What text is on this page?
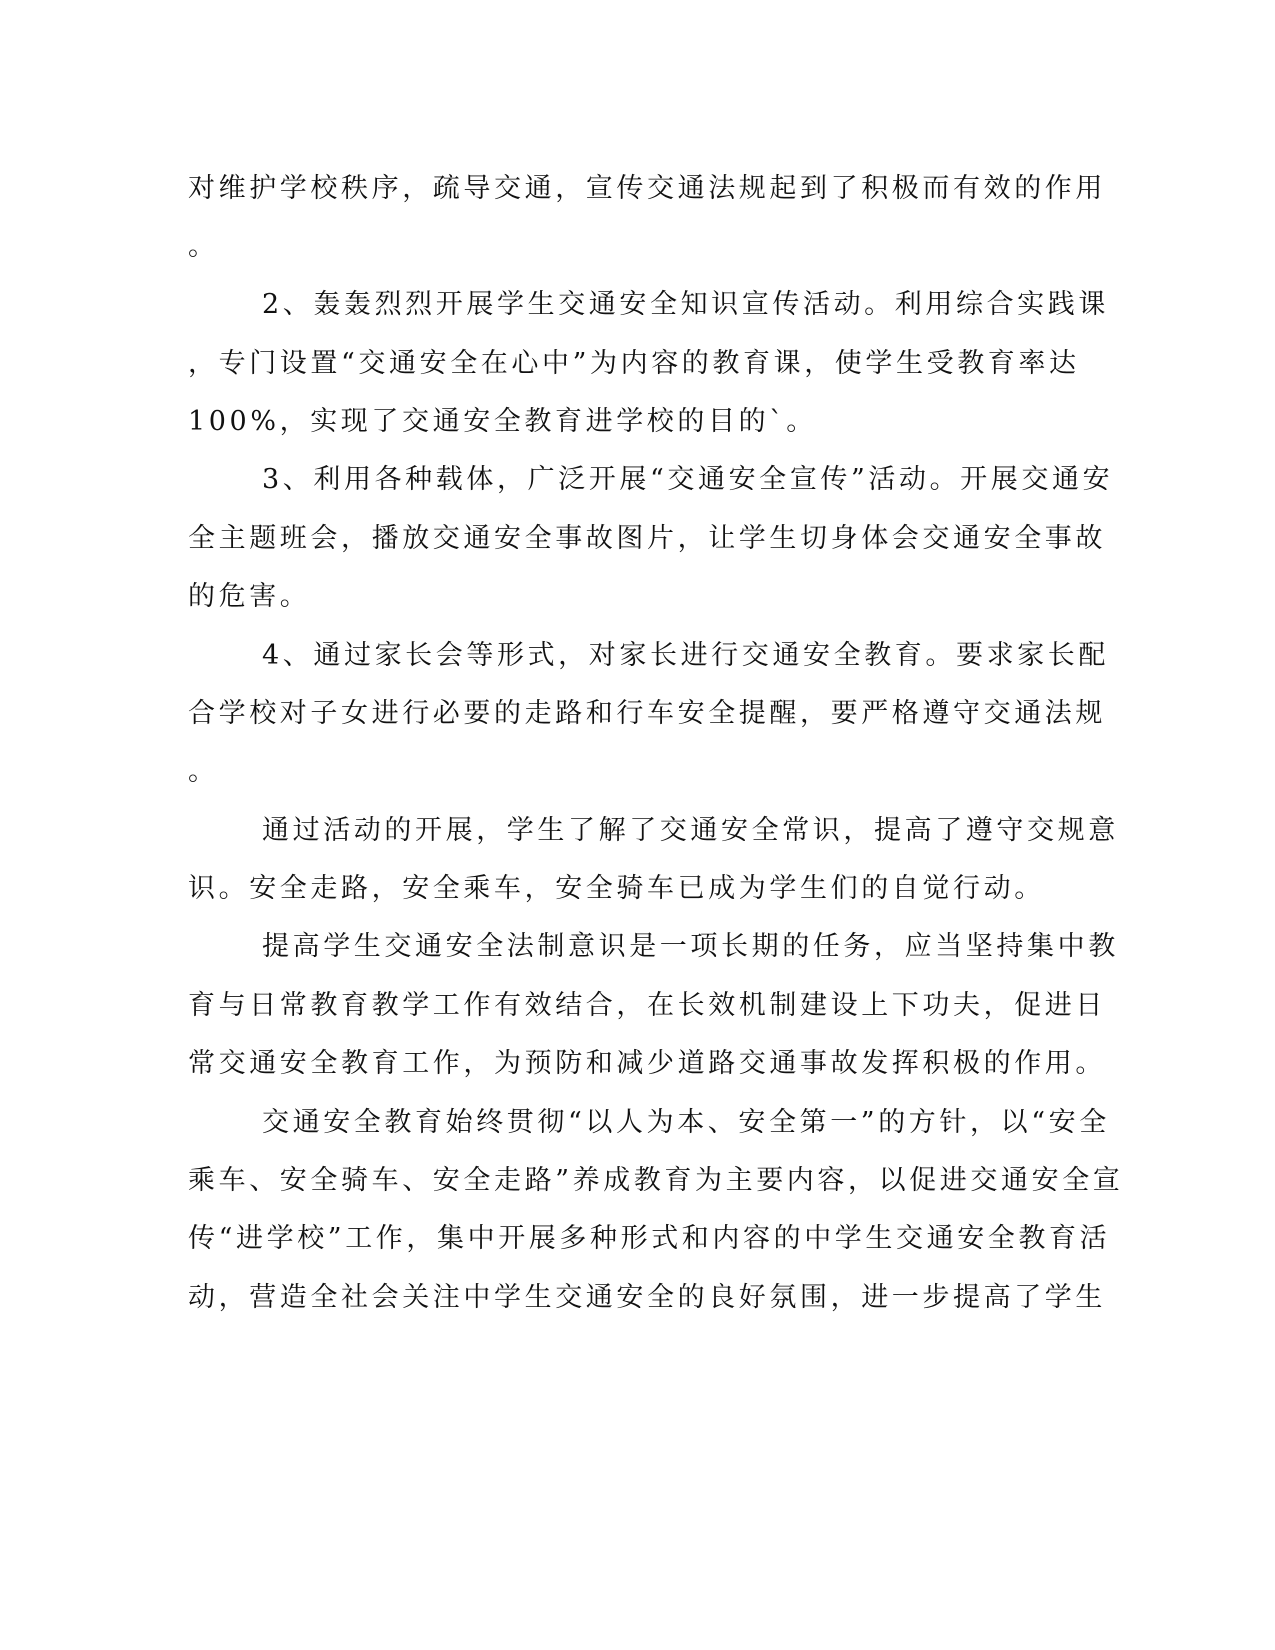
对维护学校秩序，疏导交通，宣传交通法规起到了积极而有效的作用
。
2、轰轰烈烈开展学生交通安全知识宣传活动。利用综合实践课
，专门设置“交通安全在心中”为内容的教育课，使学生受教育率达
100%，实现了交通安全教育进学校的目的`。
3、利用各种载体，广泛开展“交通安全宣传”活动。开展交通安
全主题班会，播放交通安全事故图片，让学生切身体会交通安全事故
的危害。
4、通过家长会等形式，对家长进行交通安全教育。要求家长配
合学校对子女进行必要的走路和行车安全提醒，要严格遵守交通法规
。
通过活动的开展，学生了解了交通安全常识，提高了遵守交规意
识。安全走路，安全乘车，安全骑车已成为学生们的自觉行动。
提高学生交通安全法制意识是一项长期的任务，应当坚持集中教
育与日常教育教学工作有效结合，在长效机制建设上下功夫，促进日
常交通安全教育工作，为预防和减少道路交通事故发挥积极的作用。
交通安全教育始终贯彻“以人为本、安全第一”的方针，以“安全
乘车、安全骑车、安全走路”养成教育为主要内容，以促进交通安全宣
传“进学校”工作，集中开展多种形式和内容的中学生交通安全教育活
动，营造全社会关注中学生交通安全的良好氛围，进一步提高了学生
